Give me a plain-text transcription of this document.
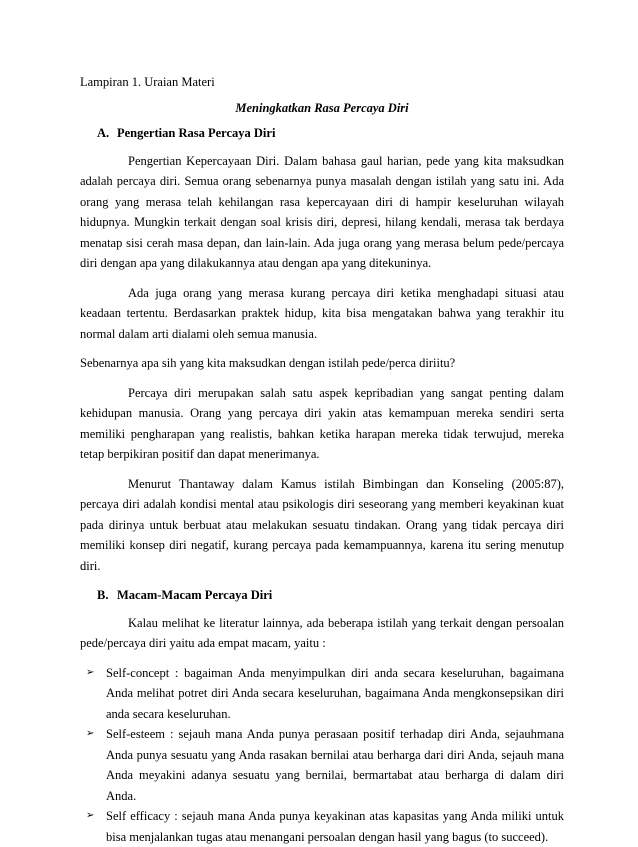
Lampiran 1. Uraian Materi

Meningkatkan Rasa Percaya Diri

A. Pengertian Rasa Percaya Diri

Pengertian Kepercayaan Diri. Dalam bahasa gaul harian, pede yang kita maksudkan adalah percaya diri. Semua orang sebenarnya punya masalah dengan istilah yang satu ini. Ada orang yang merasa telah kehilangan rasa kepercayaan diri di hampir keseluruhan wilayah hidupnya. Mungkin terkait dengan soal krisis diri, depresi, hilang kendali, merasa tak berdaya menatap sisi cerah masa depan, dan lain-lain. Ada juga orang yang merasa belum pede/percaya diri dengan apa yang dilakukannya atau dengan apa yang ditekuninya.

Ada juga orang yang merasa kurang percaya diri ketika menghadapi situasi atau keadaan tertentu. Berdasarkan praktek hidup, kita bisa mengatakan bahwa yang terakhir itu normal dalam arti dialami oleh semua manusia.

Sebenarnya apa sih yang kita maksudkan dengan istilah pede/perca diriitu?

Percaya diri merupakan salah satu aspek kepribadian yang sangat penting dalam kehidupan manusia. Orang yang percaya diri yakin atas kemampuan mereka sendiri serta memiliki pengharapan yang realistis, bahkan ketika harapan mereka tidak terwujud, mereka tetap berpikiran positif dan dapat menerimanya.

Menurut Thantaway dalam Kamus istilah Bimbingan dan Konseling (2005:87), percaya diri adalah kondisi mental atau psikologis diri seseorang yang memberi keyakinan kuat pada dirinya untuk berbuat atau melakukan sesuatu tindakan. Orang yang tidak percaya diri memiliki konsep diri negatif, kurang percaya pada kemampuannya, karena itu sering menutup diri.

B. Macam-Macam Percaya Diri

Kalau melihat ke literatur lainnya, ada beberapa istilah yang terkait dengan persoalan pede/percaya diri yaitu ada empat macam, yaitu :

➢ Self-concept : bagaiman Anda menyimpulkan diri anda secara keseluruhan, bagaimana Anda melihat potret diri Anda secara keseluruhan, bagaimana Anda mengkonsepsikan diri anda secara keseluruhan.
➢ Self-esteem : sejauh mana Anda punya perasaan positif terhadap diri Anda, sejauhmana Anda punya sesuatu yang Anda rasakan bernilai atau berharga dari diri Anda, sejauh mana Anda meyakini adanya sesuatu yang bernilai, bermartabat atau berharga di dalam diri Anda.
➢ Self efficacy : sejauh mana Anda punya keyakinan atas kapasitas yang Anda miliki untuk bisa menjalankan tugas atau menangani persoalan dengan hasil yang bagus (to succeed).
